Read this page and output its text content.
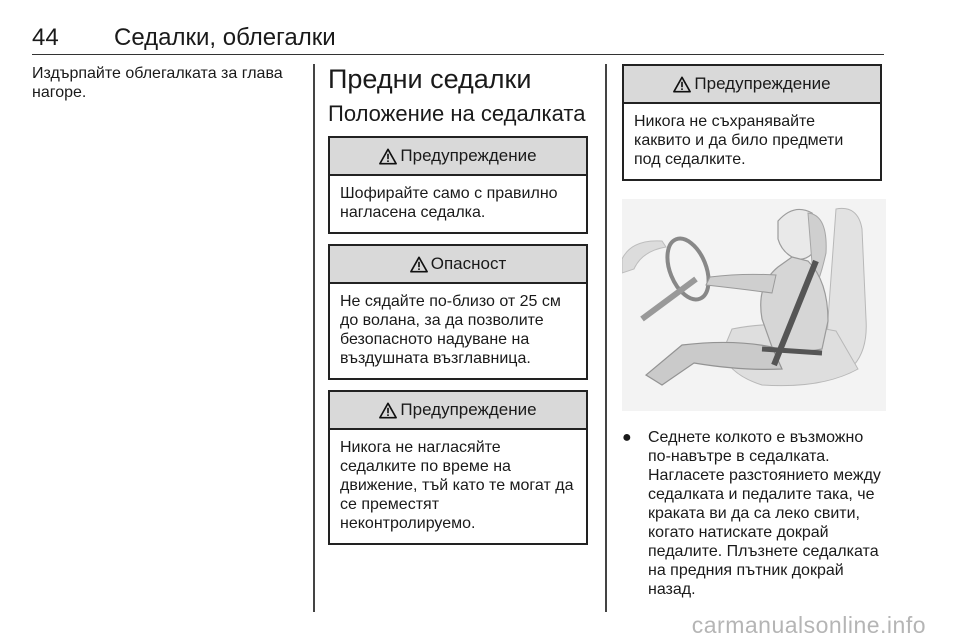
44 Седалки, облегалки

Издърпайте облегалката за глава нагоре.	Предни седалки
Положение на седалката
Предупреждение
Шофирайте само с правилно нагласена седалка.
Опасност
Не сядайте по-близо от 25 см до волана, за да позволите безопасното надуване на въздушната възглавница.
Предупреждение
Никога не нагласяйте седалките по време на движение, тъй като те могат да се преместят неконтролируемо.
Предупреждение
Никога не съхранявайте каквито и да било предмети под седалките.
●	Седнете колкото е възможно по-навътре в седалката. Нагласете разстоянието между седалката и педалите така, че краката ви да са леко свити, когато натискате докрай педалите. Плъзнете седалката на предния пътник докрай назад.
carmanualsonline.info
